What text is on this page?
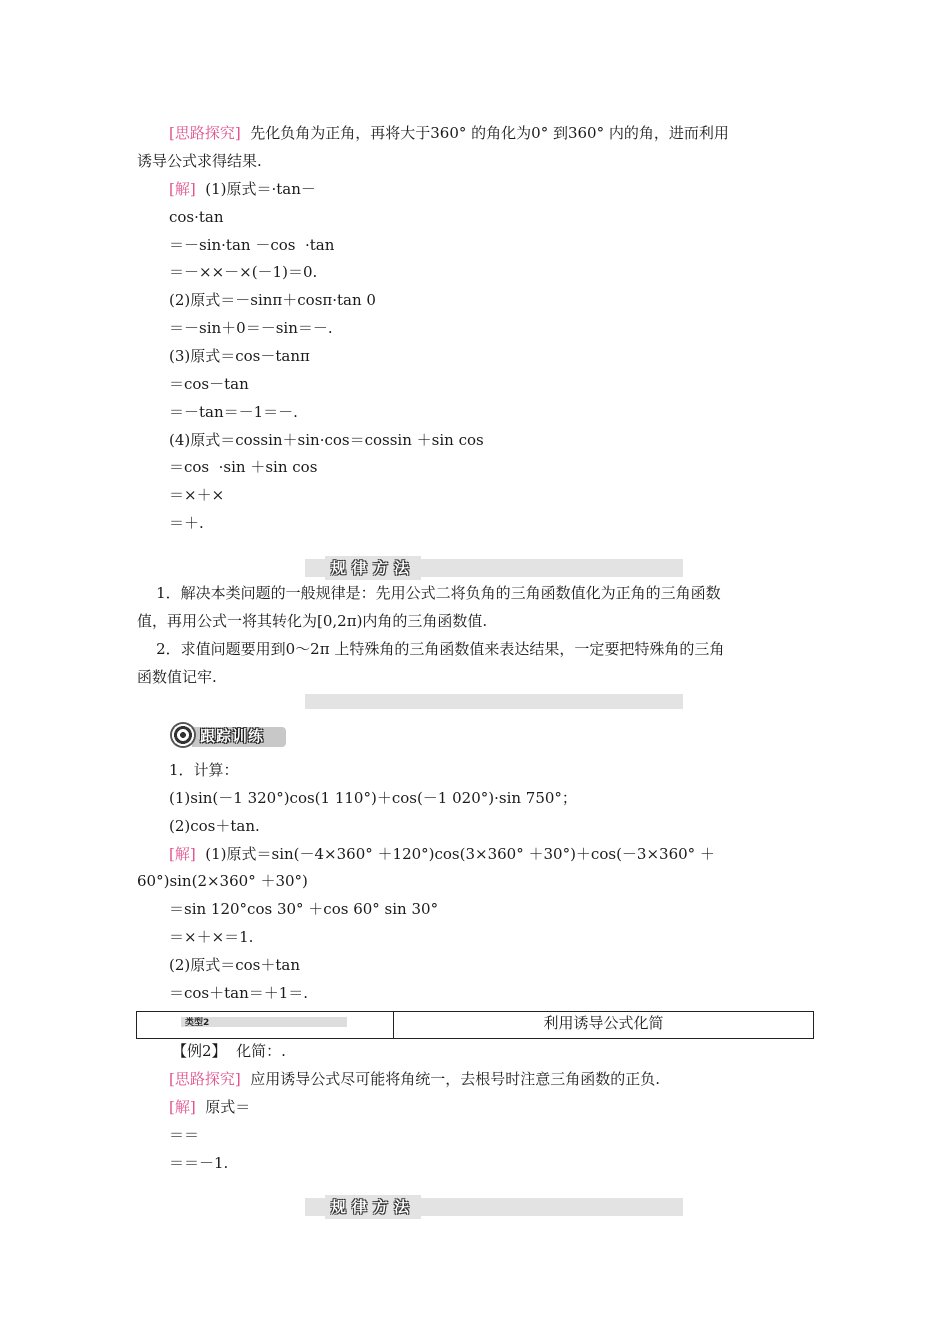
[思路探究]  先化负角为正角，再将大于360° 的角化为0° 到360° 内的角，进而利用
诱导公式求得结果.
[解]  (1)原式＝·tan－
cos·tan
＝－sin·tan －cos  ·tan
＝－××－×(－1)＝0.
(2)原式＝－sinπ＋cosπ·tan 0
＝－sin＋0＝－sin＝－.
(3)原式＝cos－tanπ
＝cos－tan
＝－tan＝－1＝－.
(4)原式＝cossin＋sin·cos＝cossin ＋sin cos
＝cos  ·sin ＋sin cos
＝×＋×
＝＋.
规律方法
1．解决本类问题的一般规律是：先用公式二将负角的三角函数值化为正角的三角函数
值，再用公式一将其转化为[0,2π)内角的三角函数值.
2．求值问题要用到0～2π 上特殊角的三角函数值来表达结果，一定要把特殊角的三角
函数值记牢.
跟踪训练
1．计算：
(1)sin(－1 320°)cos(1 110°)＋cos(－1 020°)·sin 750°；
(2)cos＋tan.
[解]  (1)原式＝sin(－4×360° ＋120°)cos(3×360° ＋30°)＋cos(－3×360° ＋
60°)sin(2×360° ＋30°)
＝sin 120°cos 30° ＋cos 60° sin 30°
＝×＋×＝1.
(2)原式＝cos＋tan
＝cos＋tan＝＋1＝.
类型2	利用诱导公式化简
【例2】  化简：.
[思路探究]  应用诱导公式尽可能将角统一，去根号时注意三角函数的正负.
[解]  原式＝
＝＝
＝＝－1.
规律方法
